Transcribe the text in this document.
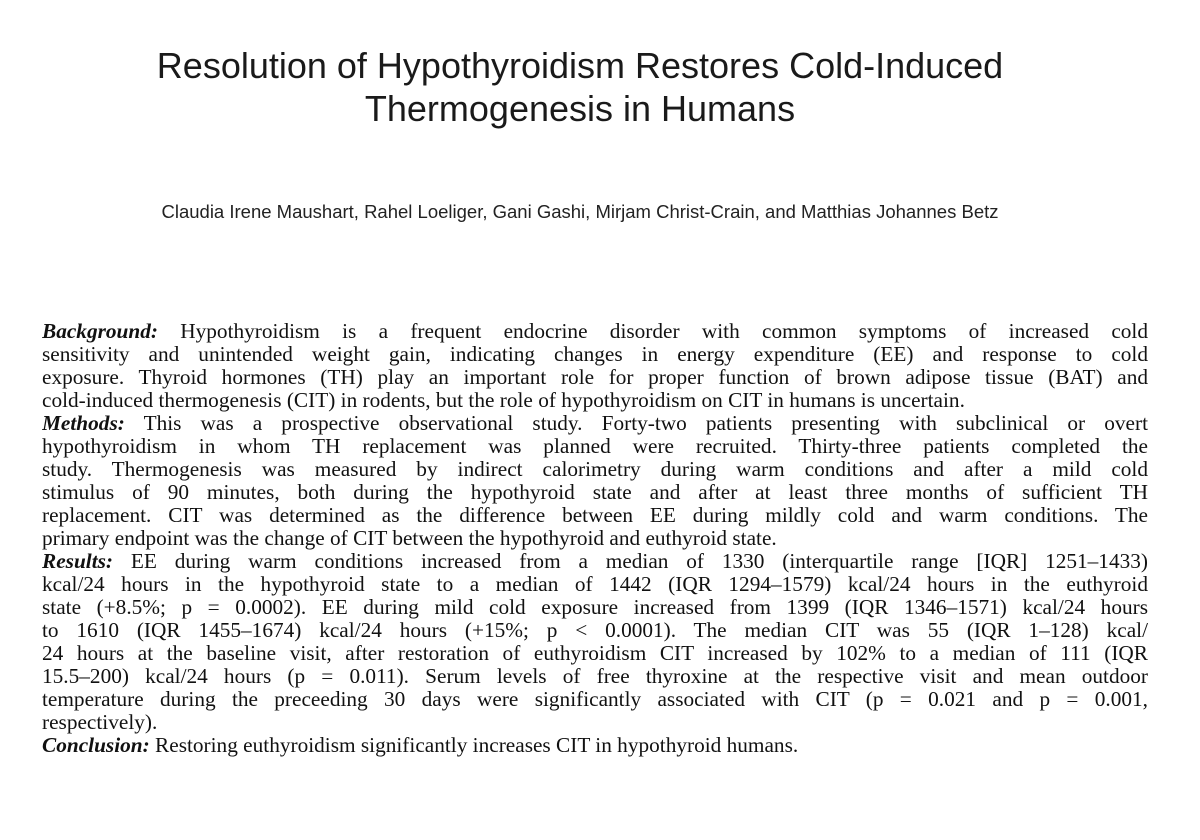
Resolution of Hypothyroidism Restores Cold-Induced
Thermogenesis in Humans
Claudia Irene Maushart, Rahel Loeliger, Gani Gashi, Mirjam Christ-Crain, and Matthias Johannes Betz
Background: Hypothyroidism is a frequent endocrine disorder with common symptoms of increased cold
sensitivity and unintended weight gain, indicating changes in energy expenditure (EE) and response to cold
exposure. Thyroid hormones (TH) play an important role for proper function of brown adipose tissue (BAT) and
cold-induced thermogenesis (CIT) in rodents, but the role of hypothyroidism on CIT in humans is uncertain.
Methods: This was a prospective observational study. Forty-two patients presenting with subclinical or overt
hypothyroidism in whom TH replacement was planned were recruited. Thirty-three patients completed the
study. Thermogenesis was measured by indirect calorimetry during warm conditions and after a mild cold
stimulus of 90 minutes, both during the hypothyroid state and after at least three months of sufficient TH
replacement. CIT was determined as the difference between EE during mildly cold and warm conditions. The
primary endpoint was the change of CIT between the hypothyroid and euthyroid state.
Results: EE during warm conditions increased from a median of 1330 (interquartile range [IQR] 1251–1433)
kcal/24 hours in the hypothyroid state to a median of 1442 (IQR 1294–1579) kcal/24 hours in the euthyroid
state (+8.5%; p = 0.0002). EE during mild cold exposure increased from 1399 (IQR 1346–1571) kcal/24 hours
to 1610 (IQR 1455–1674) kcal/24 hours (+15%; p < 0.0001). The median CIT was 55 (IQR 1–128) kcal/
24 hours at the baseline visit, after restoration of euthyroidism CIT increased by 102% to a median of 111 (IQR
15.5–200) kcal/24 hours (p = 0.011). Serum levels of free thyroxine at the respective visit and mean outdoor
temperature during the preceeding 30 days were significantly associated with CIT (p = 0.021 and p = 0.001,
respectively).
Conclusion: Restoring euthyroidism significantly increases CIT in hypothyroid humans.
